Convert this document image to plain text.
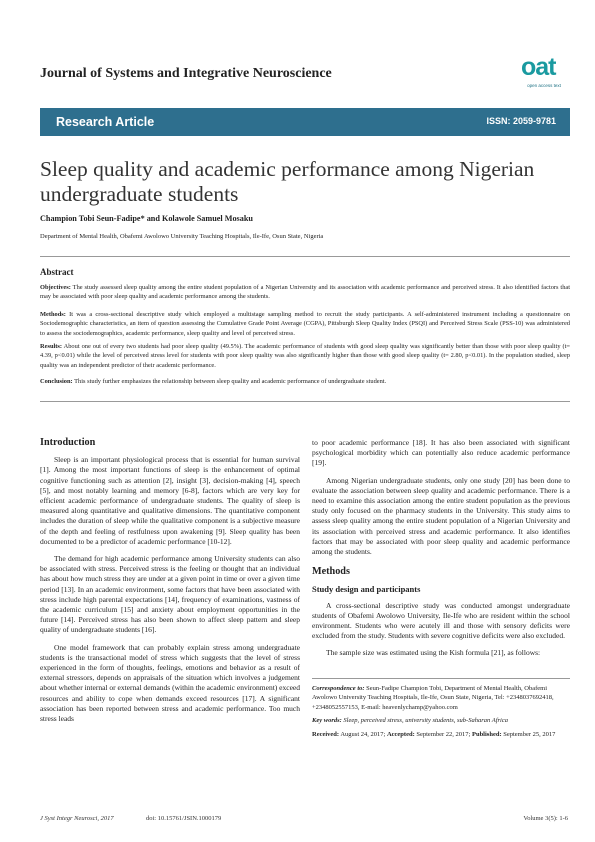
Journal of Systems and Integrative Neuroscience	oat
open access text
Research Article	ISSN: 2059-9781
Sleep quality and academic performance among Nigerian undergraduate students
Champion Tobi Seun-Fadipe* and Kolawole Samuel Mosaku
Department of Mental Health, Obafemi Awolowo University Teaching Hospitals, Ile-Ife, Osun State, Nigeria
Abstract
Objectives: The study assessed sleep quality among the entire student population of a Nigerian University and its association with academic performance and perceived stress. It also identified factors that may be associated with poor sleep quality and academic performance among the students.
Methods: It was a cross-sectional descriptive study which employed a multistage sampling method to recruit the study participants. A self-administered instrument including a questionnaire on Sociodemographic characteristics, an item of question assessing the Cumulative Grade Point Average (CGPA), Pittsburgh Sleep Quality Index (PSQI) and Perceived Stress Scale (PSS-10) was administered to assess the sociodemographics, academic performance, sleep quality and level of perceived stress.
Results: About one out of every two students had poor sleep quality (49.5%). The academic performance of students with good sleep quality was significantly better than those with poor sleep quality (t= 4.39, p<0.01) while the level of perceived stress level for students with poor sleep quality was also significantly higher than those with good sleep quality (t= 2.80, p<0.01). In the population studied, sleep quality was an independent predictor of their academic performance.
Conclusion: This study further emphasizes the relationship between sleep quality and academic performance of undergraduate student.
Introduction

Sleep is an important physiological process that is essential for human survival [1]. Among the most important functions of sleep is the enhancement of optimal cognitive functioning such as attention [2], insight [3], decision-making [4], speech [5], and most notably learning and memory [6-8], factors which are very key for efficient academic performance of undergraduate students. The quality of sleep is measured along quantitative and qualitative dimensions. The quantitative component includes the duration of sleep while the qualitative component is a subjective measure of the depth and feeling of restfulness upon awakening [9]. Sleep quality has been documented to be a predictor of academic performance [10-12].

The demand for high academic performance among University students can also be associated with stress. Perceived stress is the feeling or thought that an individual has about how much stress they are under at a given point in time or over a given time period [13]. In an academic environment, some factors that have been associated with stress include high parental expectations [14], frequency of examinations, vastness of the academic curriculum [15] and anxiety about employment opportunities in the future [14]. Perceived stress has also been shown to affect sleep pattern and sleep quality of undergraduate students [16].

One model framework that can probably explain stress among undergraduate students is the transactional model of stress which suggests that the level of stress experienced in the form of thoughts, feelings, emotions and behavior as a result of external stressors, depends on appraisals of the situation which involves a judgement about whether internal or external demands (within the academic environment) exceed resources and ability to cope when demands exceed resources [17]. A significant association has been reported between stress and academic performance. Too much stress leads

to poor academic performance [18]. It has also been associated with significant psychological morbidity which can potentially also reduce academic performance [19].

Among Nigerian undergraduate students, only one study [20] has been done to evaluate the association between sleep quality and academic performance. There is a need to examine this association among the entire student population as the previous study only focused on the pharmacy students in the University. This study aims to assess sleep quality among the entire student population of a Nigerian University and its association with perceived stress and academic performance. It also identifies factors that may be associated with poor sleep quality and academic performance among the students.

Methods
Study design and participants

A cross-sectional descriptive study was conducted amongst undergraduate students of Obafemi Awolowo University, Ile-Ife who are resident within the school environment. Students who were acutely ill and those with sensory deficits were excluded from the study. Students with severe cognitive deficits were also excluded.

The sample size was estimated using the Kish formula [21], as follows:

Correspondence to: Seun-Fadipe Champion Tobi, Department of Mental Health, Obafemi Awolowo University Teaching Hospitals, Ile-Ife, Osun State, Nigeria, Tel: +2348037692418, +2348052557153, E-mail: heavenlychamp@yahoo.com

Key words: Sleep, perceived stress, university students, sub-Saharan Africa

Received: August 24, 2017; Accepted: September 22, 2017; Published: September 25, 2017

J Syst Integr Neurosci, 2017	doi: 10.15761/JSIN.1000179	Volume 3(5): 1-6
